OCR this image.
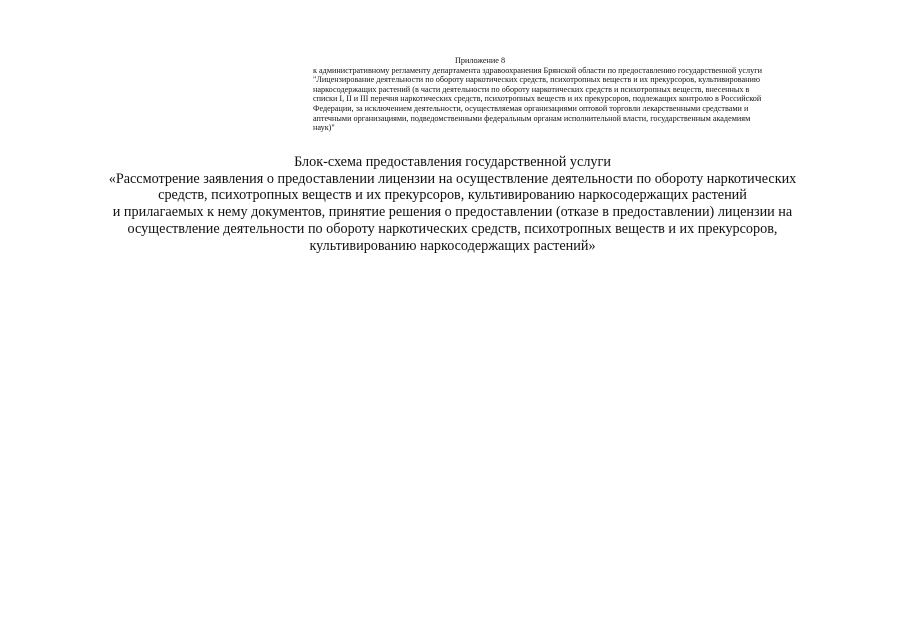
Приложение 8

к административному регламенту департамента здравоохранения Брянской области по предоставлению государственной услуги

"Лицензирование деятельности по обороту наркотических средств, психотропных веществ и их прекурсоров, культивированию

наркосодержащих растений (в части деятельности по обороту наркотических средств и психотропных веществ, внесенных в

списки I, II и III перечня наркотических средств, психотропных веществ и их прекурсоров, подлежащих контролю в Российской

Федерации, за исключением деятельности, осуществляемая организациями оптовой торговли лекарственными средствами и

аптечными организациями, подведомственными федеральным органам исполнительной власти, государственным академиям

наук)"

Блок-схема предоставления государственной услуги
«Рассмотрение заявления о предоставлении лицензии на осуществление деятельности по обороту наркотических
средств, психотропных веществ и их прекурсоров, культивированию наркосодержащих растений
и прилагаемых к нему документов, принятие решения о предоставлении (отказе в предоставлении) лицензии на
осуществление деятельности по обороту наркотических средств, психотропных веществ и их прекурсоров,
культивированию наркосодержащих растений»
